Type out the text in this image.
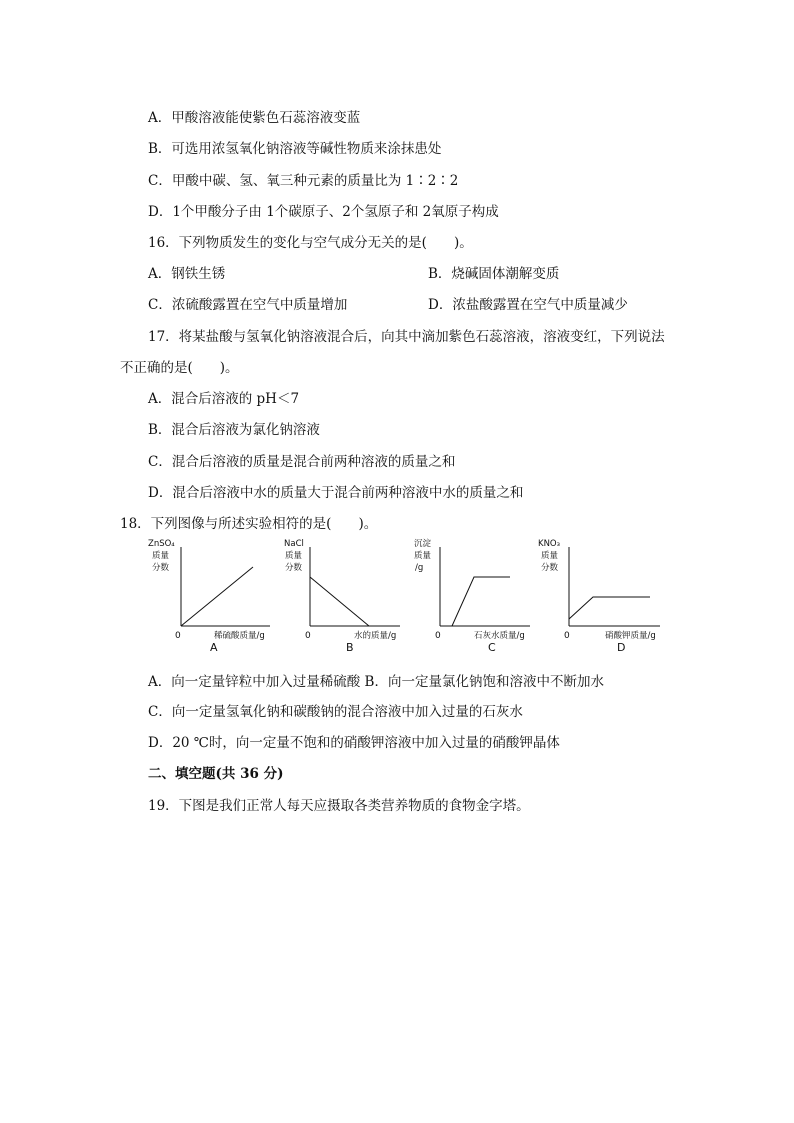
A．甲酸溶液能使紫色石蕊溶液变蓝
B．可选用浓氢氧化钠溶液等碱性物质来涂抹患处
C．甲酸中碳、氢、氧三种元素的质量比为 1∶2∶2
D．1个甲酸分子由 1个碳原子、2个氢原子和 2氧原子构成
16．下列物质发生的变化与空气成分无关的是(　　)。
A．钢铁生锈	B．烧碱固体潮解变质
C．浓硫酸露置在空气中质量增加	D．浓盐酸露置在空气中质量减少
17．将某盐酸与氢氧化钠溶液混合后，向其中滴加紫色石蕊溶液，溶液变红，下列说法
不正确的是(　　)。
A．混合后溶液的 pH＜7
B．混合后溶液为氯化钠溶液
C．混合后溶液的质量是混合前两种溶液的质量之和
D．混合后溶液中水的质量大于混合前两种溶液中水的质量之和
18．下列图像与所述实验相符的是(　　)。
ZnSO₄
质量
分数
0	稀硫酸质量/g
A
NaCl
质量
分数
0	水的质量/g
B
沉淀
质量
/g
0	石灰水质量/g
C
KNO₃
质量
分数
0	硝酸钾质量/g
D
A．向一定量锌粒中加入过量稀硫酸 B．向一定量氯化钠饱和溶液中不断加水
C．向一定量氢氧化钠和碳酸钠的混合溶液中加入过量的石灰水
D．20 ℃时，向一定量不饱和的硝酸钾溶液中加入过量的硝酸钾晶体
二、填空题(共 36 分)
19．下图是我们正常人每天应摄取各类营养物质的食物金字塔。
